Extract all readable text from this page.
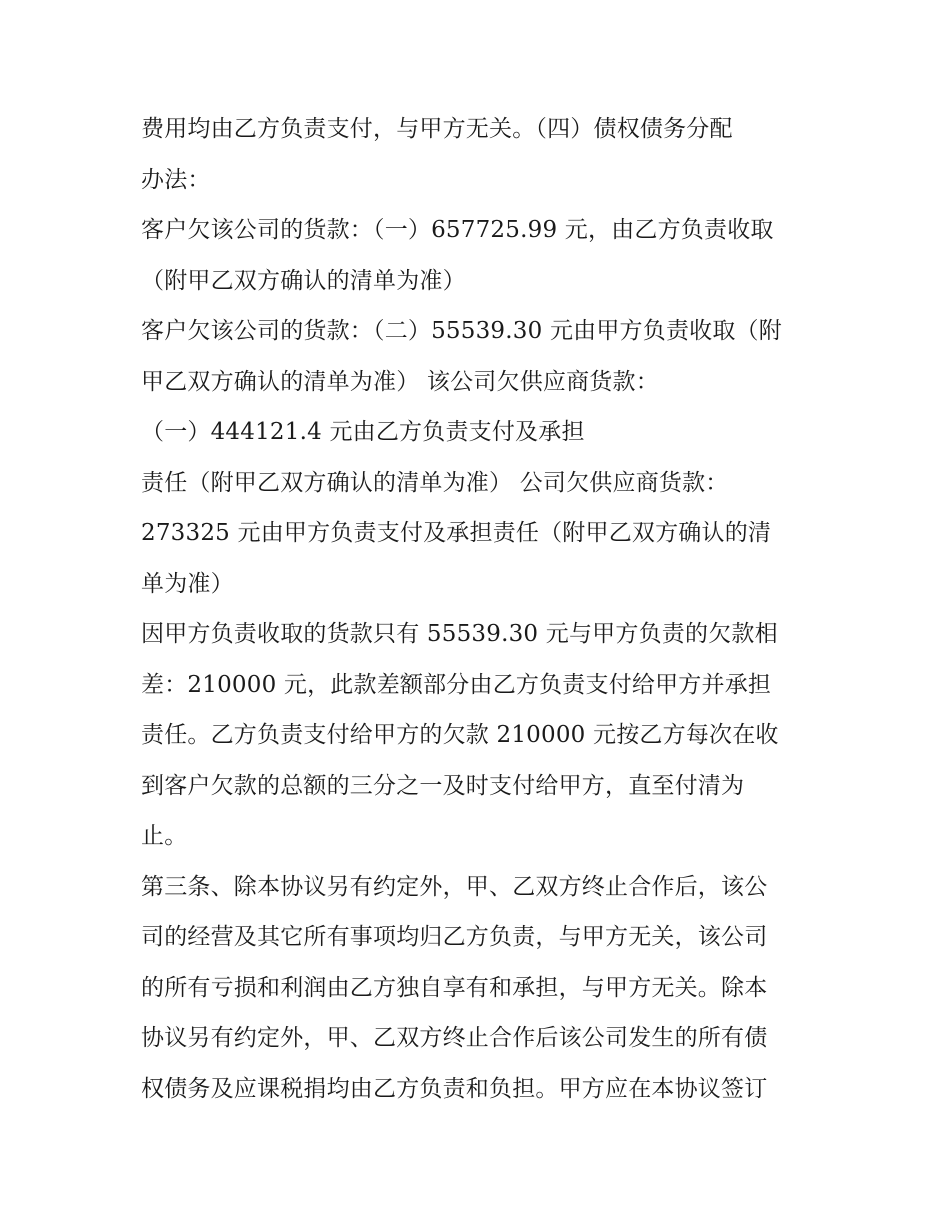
费用均由乙方负责支付，与甲方无关。（四）债权债务分配
办法：
客户欠该公司的货款：（一）657725.99 元，由乙方负责收取
（附甲乙双方确认的清单为准）
客户欠该公司的货款：（二）55539.30 元由甲方负责收取（附
甲乙双方确认的清单为准） 该公司欠供应商货款：
（一）444121.4 元由乙方负责支付及承担
责任（附甲乙双方确认的清单为准） 公司欠供应商货款：
273325 元由甲方负责支付及承担责任（附甲乙双方确认的清
单为准）
因甲方负责收取的货款只有 55539.30 元与甲方负责的欠款相
差：210000 元，此款差额部分由乙方负责支付给甲方并承担
责任。乙方负责支付给甲方的欠款 210000 元按乙方每次在收
到客户欠款的总额的三分之一及时支付给甲方，直至付清为
止。
第三条、除本协议另有约定外，甲、乙双方终止合作后，该公
司的经营及其它所有事项均归乙方负责，与甲方无关，该公司
的所有亏损和利润由乙方独自享有和承担，与甲方无关。除本
协议另有约定外，甲、乙双方终止合作后该公司发生的所有债
权债务及应课税捐均由乙方负责和负担。甲方应在本协议签订
